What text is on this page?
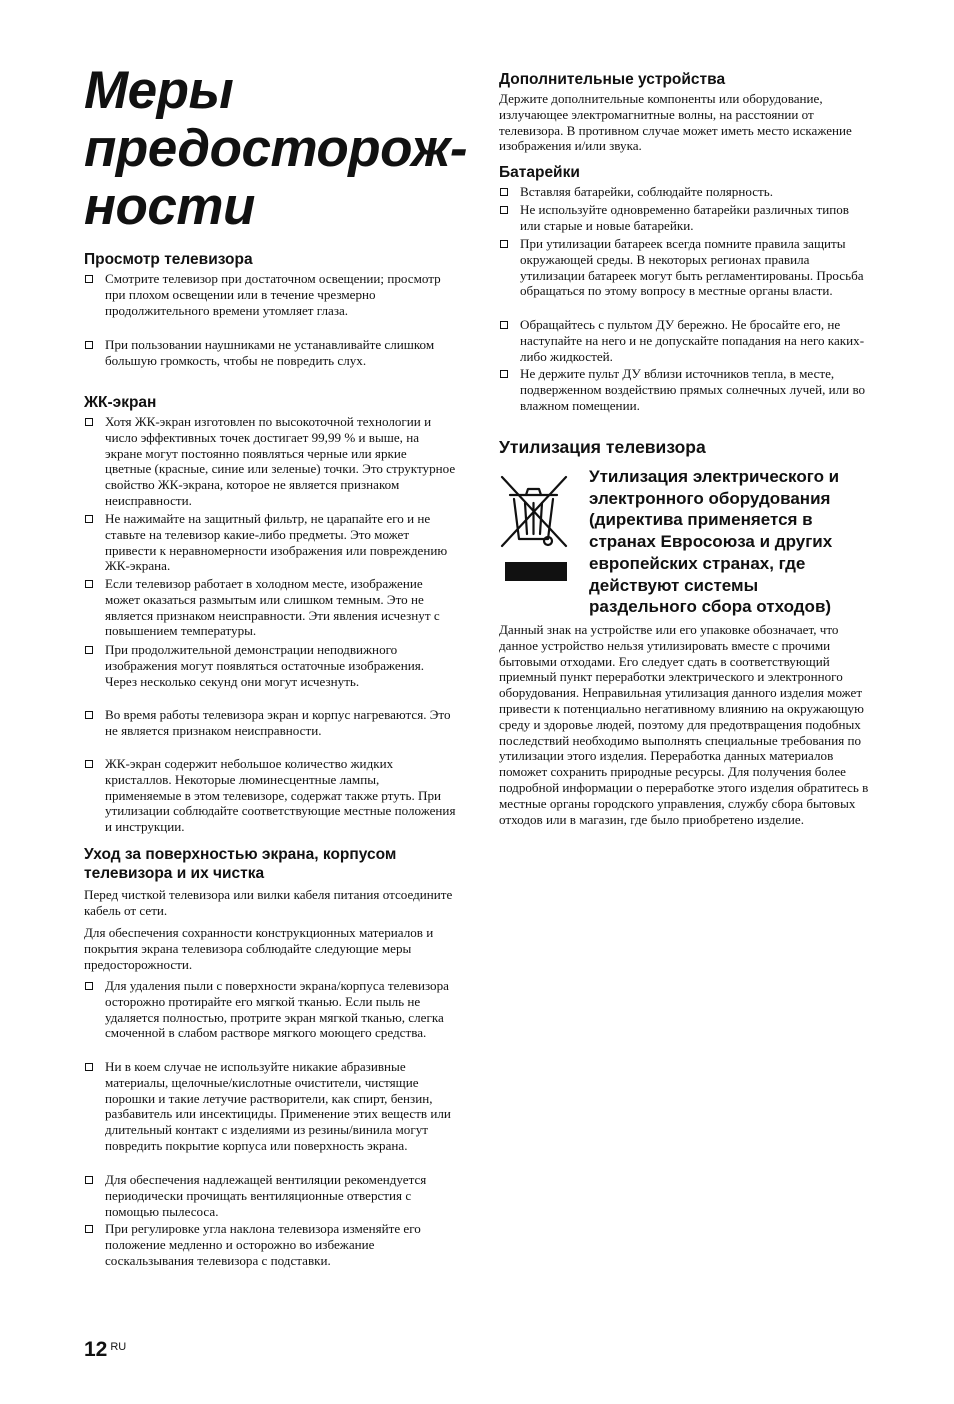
Меры
предосторож-
ности
Просмотр телевизора
Смотрите телевизор при достаточном освещении; просмотр при плохом освещении или в течение чрезмерно продолжительного времени утомляет глаза.
При пользовании наушниками не устанавливайте слишком большую громкость, чтобы не повредить слух.
ЖК-экран
Хотя ЖК-экран изготовлен по высокоточной технологии и число эффективных точек достигает 99,99 % и выше, на экране могут постоянно появляться черные или яркие цветные (красные, синие или зеленые) точки. Это структурное свойство ЖК-экрана, которое не является признаком неисправности.
Не нажимайте на защитный фильтр, не царапайте его и не ставьте на телевизор какие-либо предметы. Это может привести к неравномерности изображения или повреждению ЖК-экрана.
Если телевизор работает в холодном месте, изображение может оказаться размытым или слишком темным. Это не является признаком неисправности. Эти явления исчезнут с повышением температуры.
При продолжительной демонстрации неподвижного изображения могут появляться остаточные изображения. Через несколько секунд они могут исчезнуть.
Во время работы телевизора экран и корпус нагреваются. Это не является признаком неисправности.
ЖК-экран содержит небольшое количество жидких кристаллов. Некоторые люминесцентные лампы, применяемые в этом телевизоре, содержат также ртуть. При утилизации соблюдайте соответствующие местные положения и инструкции.
Уход за поверхностью экрана, корпусом телевизора и их чистка
Перед чисткой телевизора или вилки кабеля питания отсоедините кабель от сети.
Для обеспечения сохранности конструкционных материалов и покрытия экрана телевизора соблюдайте следующие меры предосторожности.
Для удаления пыли с поверхности экрана/корпуса телевизора осторожно протирайте его мягкой тканью. Если пыль не удаляется полностью, протрите экран мягкой тканью, слегка смоченной в слабом растворе мягкого моющего средства.
Ни в коем случае не используйте никакие абразивные материалы, щелочные/кислотные очистители, чистящие порошки и такие летучие растворители, как спирт, бензин, разбавитель или инсектициды. Применение этих веществ или длительный контакт с изделиями из резины/винила могут повредить покрытие корпуса или поверхность экрана.
Для обеспечения надлежащей вентиляции рекомендуется периодически прочищать вентиляционные отверстия с помощью пылесоса.
При регулировке угла наклона телевизора изменяйте его положение медленно и осторожно во избежание соскальзывания телевизора с подставки.
Дополнительные устройства
Держите дополнительные компоненты или оборудование, излучающее электромагнитные волны, на расстоянии от телевизора. В противном случае может иметь место искажение изображения и/или звука.
Батарейки
Вставляя батарейки, соблюдайте полярность.
Не используйте одновременно батарейки различных типов или старые и новые батарейки.
При утилизации батареек всегда помните правила защиты окружающей среды. В некоторых регионах правила утилизации батареек могут быть регламентированы. Просьба обращаться по этому вопросу в местные органы власти.
Обращайтесь с пультом ДУ бережно. Не бросайте его, не наступайте на него и не допускайте попадания на него каких-либо жидкостей.
Не держите пульт ДУ вблизи источников тепла, в месте, подверженном воздействию прямых солнечных лучей, или во влажном помещении.
Утилизация телевизора
Утилизация электрического и электронного оборудования (директива применяется в странах Евросоюза и других европейских странах, где действуют системы раздельного сбора отходов)
Данный знак на устройстве или его упаковке обозначает, что данное устройство нельзя утилизировать вместе с прочими бытовыми отходами. Его следует сдать в соответствующий приемный пункт переработки электрического и электронного оборудования. Неправильная утилизация данного изделия может привести к потенциально негативному влиянию на окружающую среду и здоровье людей, поэтому для предотвращения подобных последствий необходимо выполнять специальные требования по утилизации этого изделия. Переработка данных материалов поможет сохранить природные ресурсы. Для получения более подробной информации о переработке этого изделия обратитесь в местные органы городского управления, службу сбора бытовых отходов или в магазин, где было приобретено изделие.
12 $^{RU}$
